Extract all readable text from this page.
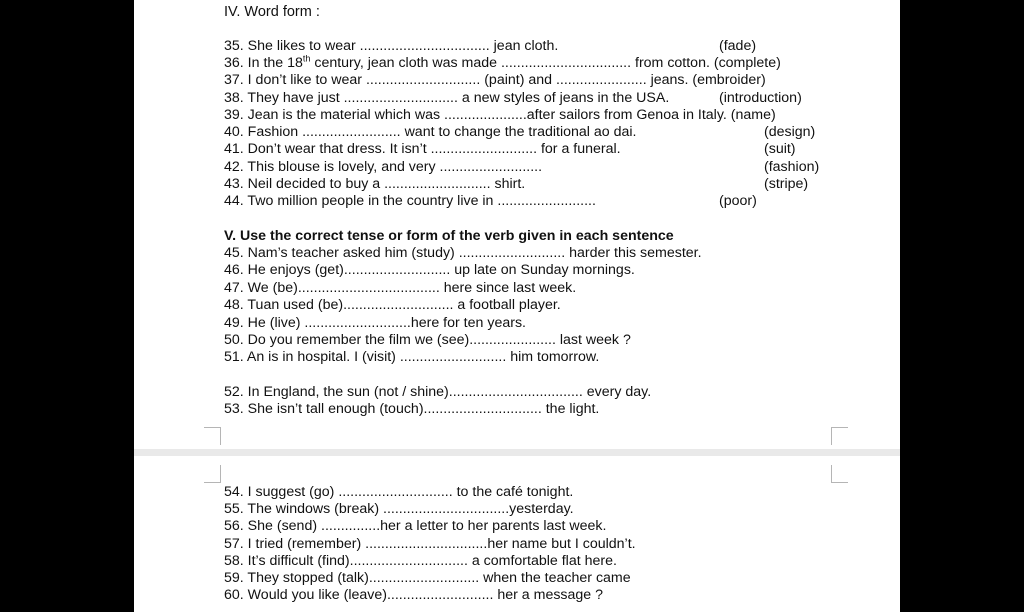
IV. Word form :
35. She likes to wear ................................. jean cloth.	(fade)
36. In the 18th century, jean cloth was made ................................. from cotton. (complete)
37. I don’t like to wear ............................. (paint) and ....................... jeans. (embroider)
38. They have just ............................. a new styles of jeans in the USA.	(introduction)
39. Jean is the material which was .....................after sailors from Genoa in Italy. (name)
40. Fashion ......................... want to change the traditional ao dai.	(design)
41. Don’t wear that dress. It isn’t ........................... for a funeral.	(suit)
42. This blouse is lovely, and very ..........................	(fashion)
43. Neil decided to buy a ........................... shirt.	(stripe)
44. Two million people in the country live in .........................	(poor)
V. Use the correct tense or form of the verb given in each sentence
45. Nam’s teacher asked him (study) ........................... harder this semester.
46. He enjoys (get)........................... up late on Sunday mornings.
47. We (be).................................... here since last week.
48. Tuan used (be)............................ a football player.
49. He (live) ...........................here for ten years.
50. Do you remember the film we (see)...................... last week ?
51. An is in hospital. I (visit) ........................... him tomorrow.
52. In England, the sun (not / shine).................................. every day.
53. She isn’t tall enough (touch).............................. the light.
54. I suggest (go) ............................. to the café tonight.
55. The windows (break) ................................yesterday.
56. She (send) ...............her a letter to her parents last week.
57. I tried (remember) ...............................her name but I couldn’t.
58. It’s difficult (find).............................. a comfortable flat here.
59. They stopped (talk)............................ when the teacher came
60. Would you like (leave)........................... her a message ?
